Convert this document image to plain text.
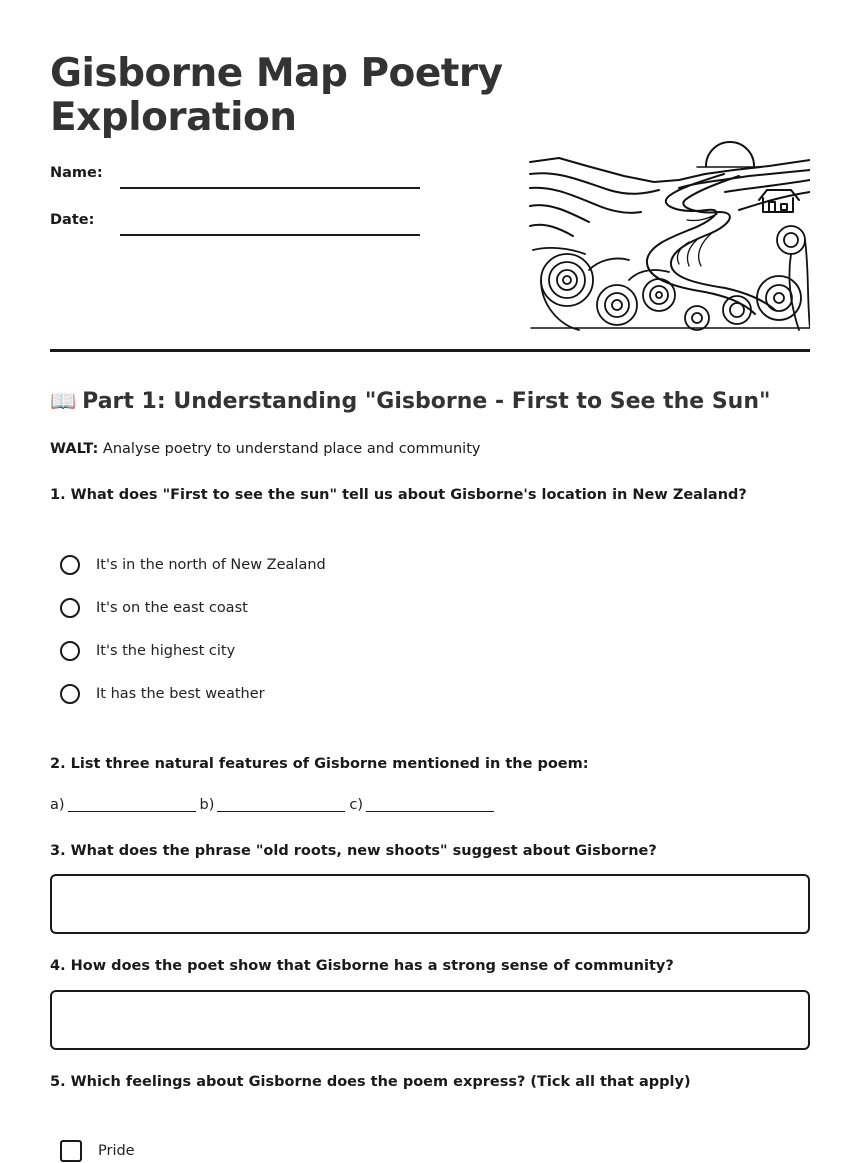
Gisborne Map Poetry Exploration
Name:
Date:
📖 Part 1: Understanding "Gisborne - First to See the Sun"
WALT: Analyse poetry to understand place and community
1. What does "First to see the sun" tell us about Gisborne's location in New Zealand?
It's in the north of New Zealand
It's on the east coast
It's the highest city
It has the best weather
2. List three natural features of Gisborne mentioned in the poem:
a)	b)	c)
3. What does the phrase "old roots, new shoots" suggest about Gisborne?
4. How does the poet show that Gisborne has a strong sense of community?
5. Which feelings about Gisborne does the poem express? (Tick all that apply)
Pride
